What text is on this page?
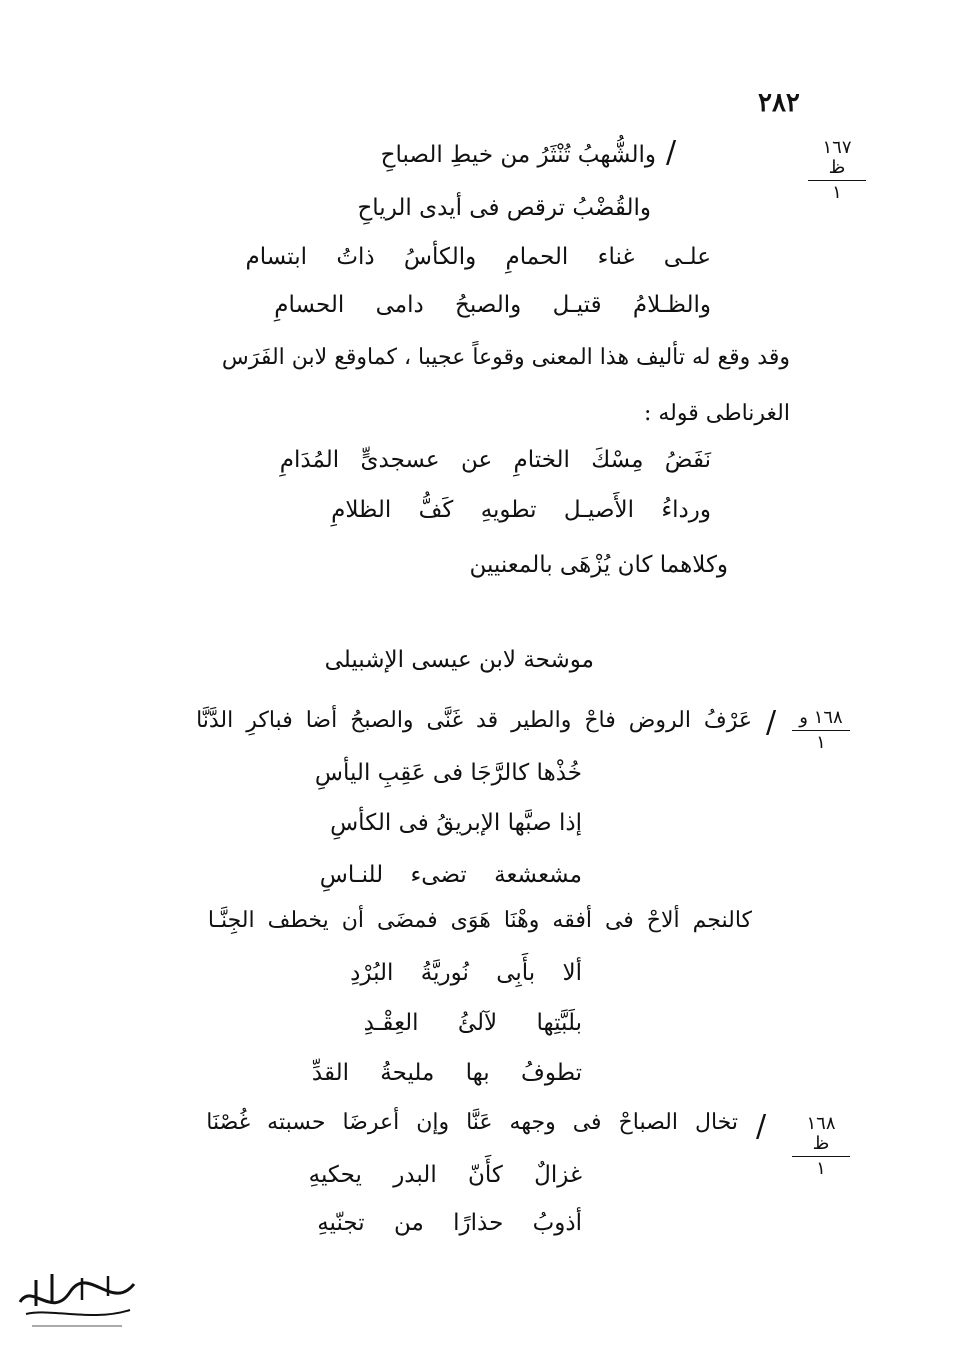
٢٨٢
١٦٧ ظ
١
/
والشُّهبُ تُنْثَرُ من خيطِ الصباحِ
والقُضْبُ ترقص فى أيدى الرياحِ
علـى غناء الحمامِ والكأسُ ذاتُ ابتسام
والظـلامُ قتيـل والصبحُ دامى الحسامِ
وقد وقع له تأليف هذا المعنى وقوعاً عجيبا ، كماوقع لابن الفَرَس
الغرناطى قوله :
نَفَضُ مِسْكَ الختامِ عن عسجدىٍّ المُدَامِ
ورداءُ الأَصيـل تطويهِ كَفُّ الظلامِ
وكلاهما كان يُزْهَى بالمعنيين
موشحة لابن عيسى الإشبيلى
١٦٨ و
١
/
عَرْفُ الروض فاحْ والطير قد غَنَّى والصبحُ أضا فباكرِ الدَّنَّا
خُذْها كالرَّجَا فى عَقِبِ اليأسِ
إذا صبَّها الإبريقُ فى الكأسِ
مشعشعة تضىء للنـاسِ
كالنجم ألاحْ فى أفقه وهْنَا هَوَى فمضَى أن يخطف الجِنَّـا
ألا بأَبِى نُوريَّةُ البُرْدِ
بلَبَّتِها لآلئُ العِقْـدِ
تطوفُ بها مليحةُ القدِّ
١٦٨ ظ
١
/
تخال الصباحْ فى وجهه عَنَّا وإن أعرضَا حسبته غُصْنَا
غزالٌ كأَنّ البدر يحكيهِ
أذوبُ حذارًا من تجنّيهِ
